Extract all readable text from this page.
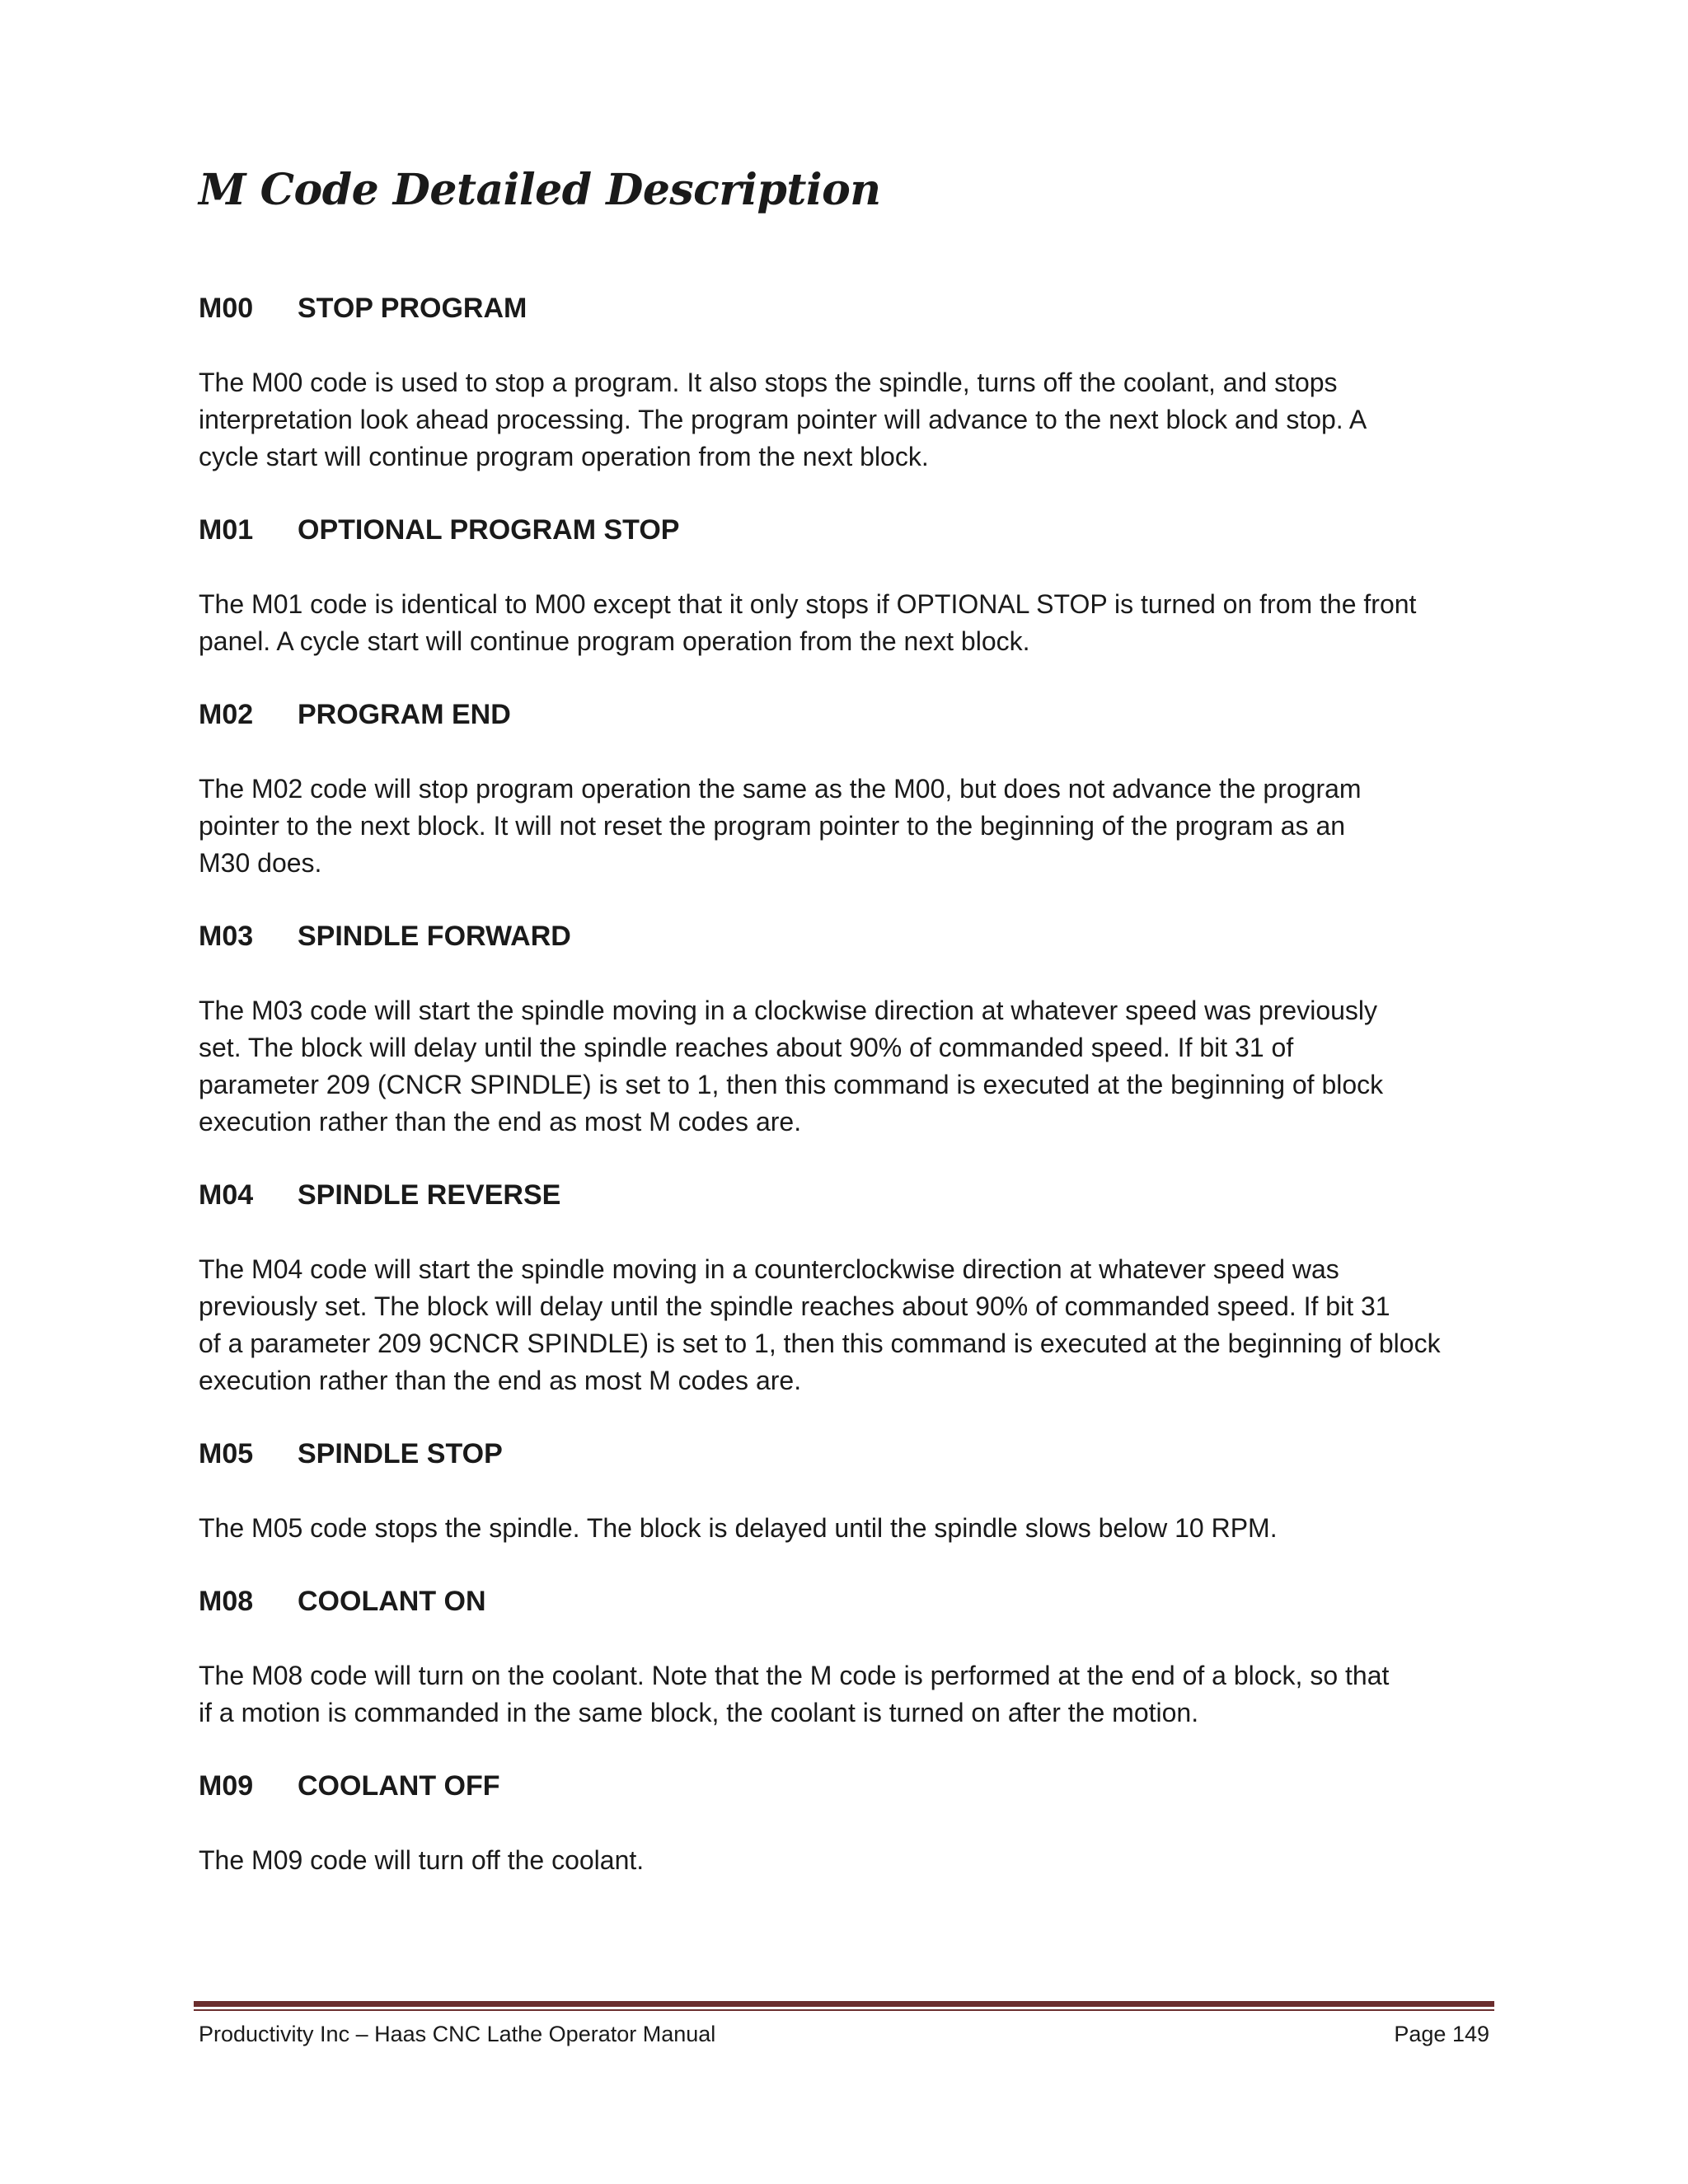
M Code Detailed Description
M00 STOP PROGRAM

The M00 code is used to stop a program. It also stops the spindle, turns off the coolant, and stops
interpretation look ahead processing. The program pointer will advance to the next block and stop. A
cycle start will continue program operation from the next block.

M01 OPTIONAL PROGRAM STOP

The M01 code is identical to M00 except that it only stops if OPTIONAL STOP is turned on from the front
panel. A cycle start will continue program operation from the next block.

M02 PROGRAM END

The M02 code will stop program operation the same as the M00, but does not advance the program
pointer to the next block. It will not reset the program pointer to the beginning of the program as an
M30 does.

M03 SPINDLE FORWARD

The M03 code will start the spindle moving in a clockwise direction at whatever speed was previously
set. The block will delay until the spindle reaches about 90% of commanded speed. If bit 31 of
parameter 209 (CNCR SPINDLE) is set to 1, then this command is executed at the beginning of block
execution rather than the end as most M codes are.

M04 SPINDLE REVERSE

The M04 code will start the spindle moving in a counterclockwise direction at whatever speed was
previously set. The block will delay until the spindle reaches about 90% of commanded speed. If bit 31
of a parameter 209 9CNCR SPINDLE) is set to 1, then this command is executed at the beginning of block
execution rather than the end as most M codes are.

M05 SPINDLE STOP

The M05 code stops the spindle. The block is delayed until the spindle slows below 10 RPM.

M08 COOLANT ON

The M08 code will turn on the coolant. Note that the M code is performed at the end of a block, so that
if a motion is commanded in the same block, the coolant is turned on after the motion.

M09 COOLANT OFF

The M09 code will turn off the coolant.

Productivity Inc – Haas CNC Lathe Operator Manual	Page 149
